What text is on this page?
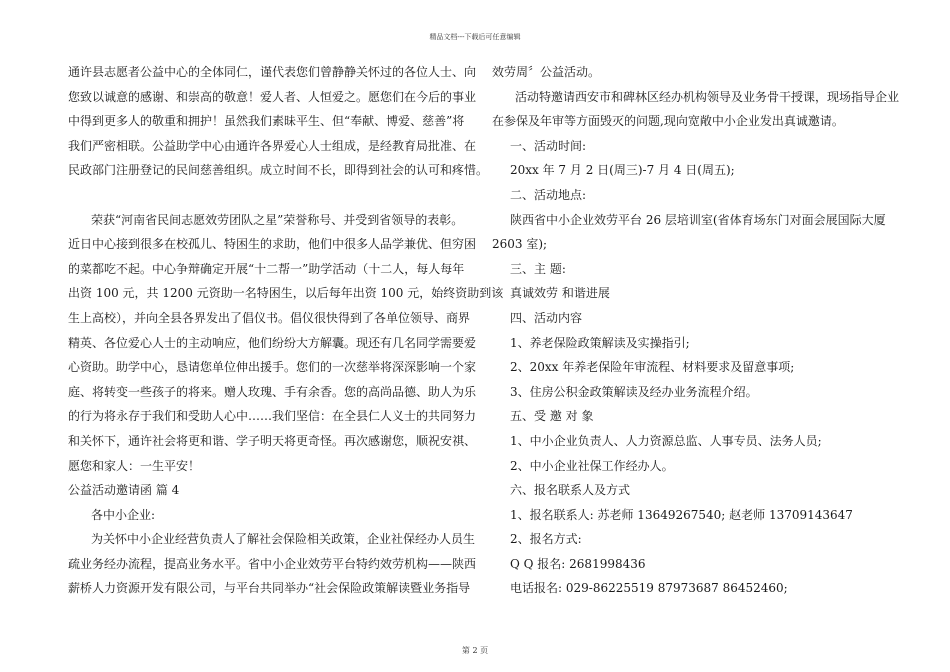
精品文档---下载后可任意编辑

通许县志愿者公益中心的全体同仁，谨代表您们曾静静关怀过的各位人士、向

您致以诚意的感谢、和崇高的敬意！爱人者、人恒爱之。愿您们在今后的事业

中得到更多人的敬重和拥护！虽然我们素昧平生、但“奉献、博爱、慈善”将

我们严密相联。公益助学中心由通许各界爱心人士组成，是经教育局批准、在

民政部门注册登记的民间慈善组织。成立时间不长，即得到社会的认可和疼惜。

荣获“河南省民间志愿效劳团队之星”荣誉称号、并受到省领导的表彰。

近日中心接到很多在校孤儿、特困生的求助，他们中很多人品学兼优、但穷困

的菜都吃不起。中心争辩确定开展“十二帮一”助学活动（十二人，每人每年

出资 100 元，共 1200 元资助一名特困生，以后每年出资 100 元，始终资助到该

生上高校），并向全县各界发出了倡仪书。倡仪很快得到了各单位领导、商界

精英、各位爱心人士的主动响应，他们纷纷大方解囊。现还有几名同学需要爱

心资助。助学中心，恳请您单位伸出援手。您们的一次慈举将深深影响一个家

庭、将转变一些孩子的将来。赠人玫瑰、手有余香。您的高尚品德、助人为乐

的行为将永存于我们和受助人心中……我们坚信：在全县仁人义士的共同努力

和关怀下，通许社会将更和谐、学子明天将更奇怪。再次感谢您，顺祝安祺、

愿您和家人：一生平安！

公益活动邀请函 篇 4

各中小企业:

为关怀中小企业经营负责人了解社会保险相关政策，企业社保经办人员生

疏业务经办流程，提高业务水平。省中小企业效劳平台特约效劳机构——陕西

薪桥人力资源开发有限公司，与平台共同举办“社会保险政策解读暨业务指导

效劳周〞公益活动。

活动特邀请西安市和碑林区经办机构领导及业务骨干授课，现场指导企业

在参保及年审等方面毁灭的问题,现向宽敞中小企业发出真诚邀请。

一、活动时间:

20xx 年 7 月 2 日(周三)-7 月 4 日(周五);

二、活动地点:

陕西省中小企业效劳平台 26 层培训室(省体育场东门对面会展国际大厦

2603 室);

三、主 题:

真诚效劳 和谐进展

四、活动内容

1、养老保险政策解读及实操指引;

2、20xx 年养老保险年审流程、材料要求及留意事项;

3、住房公积金政策解读及经办业务流程介绍。

五、受 邀 对 象

1、中小企业负责人、人力资源总监、人事专员、法务人员;

2、中小企业社保工作经办人。

六、报名联系人及方式

1、报名联系人: 苏老师 13649267540; 赵老师 13709143647

2、报名方式:

Q Q 报名: 2681998436

电话报名: 029-86225519 87973687 86452460;

第 2 页
